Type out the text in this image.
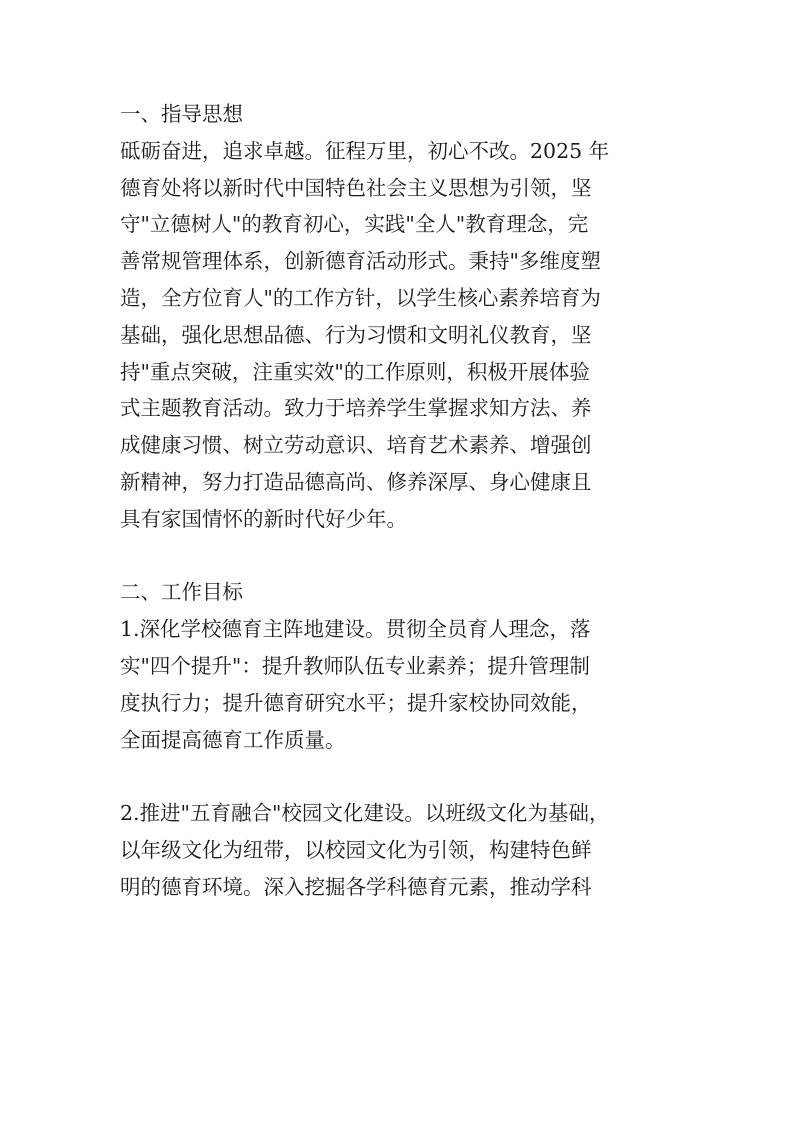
一、指导思想
砥砺奋进，追求卓越。征程万里，初心不改。2025 年
德育处将以新时代中国特色社会主义思想为引领，坚
守"立德树人"的教育初心，实践"全人"教育理念，完
善常规管理体系，创新德育活动形式。秉持"多维度塑
造，全方位育人"的工作方针，以学生核心素养培育为
基础，强化思想品德、行为习惯和文明礼仪教育，坚
持"重点突破，注重实效"的工作原则，积极开展体验
式主题教育活动。致力于培养学生掌握求知方法、养
成健康习惯、树立劳动意识、培育艺术素养、增强创
新精神，努力打造品德高尚、修养深厚、身心健康且
具有家国情怀的新时代好少年。
二、工作目标
1.深化学校德育主阵地建设。贯彻全员育人理念，落
实"四个提升"：提升教师队伍专业素养；提升管理制
度执行力；提升德育研究水平；提升家校协同效能，
全面提高德育工作质量。
2.推进"五育融合"校园文化建设。以班级文化为基础，
以年级文化为纽带，以校园文化为引领，构建特色鲜
明的德育环境。深入挖掘各学科德育元素，推动学科
